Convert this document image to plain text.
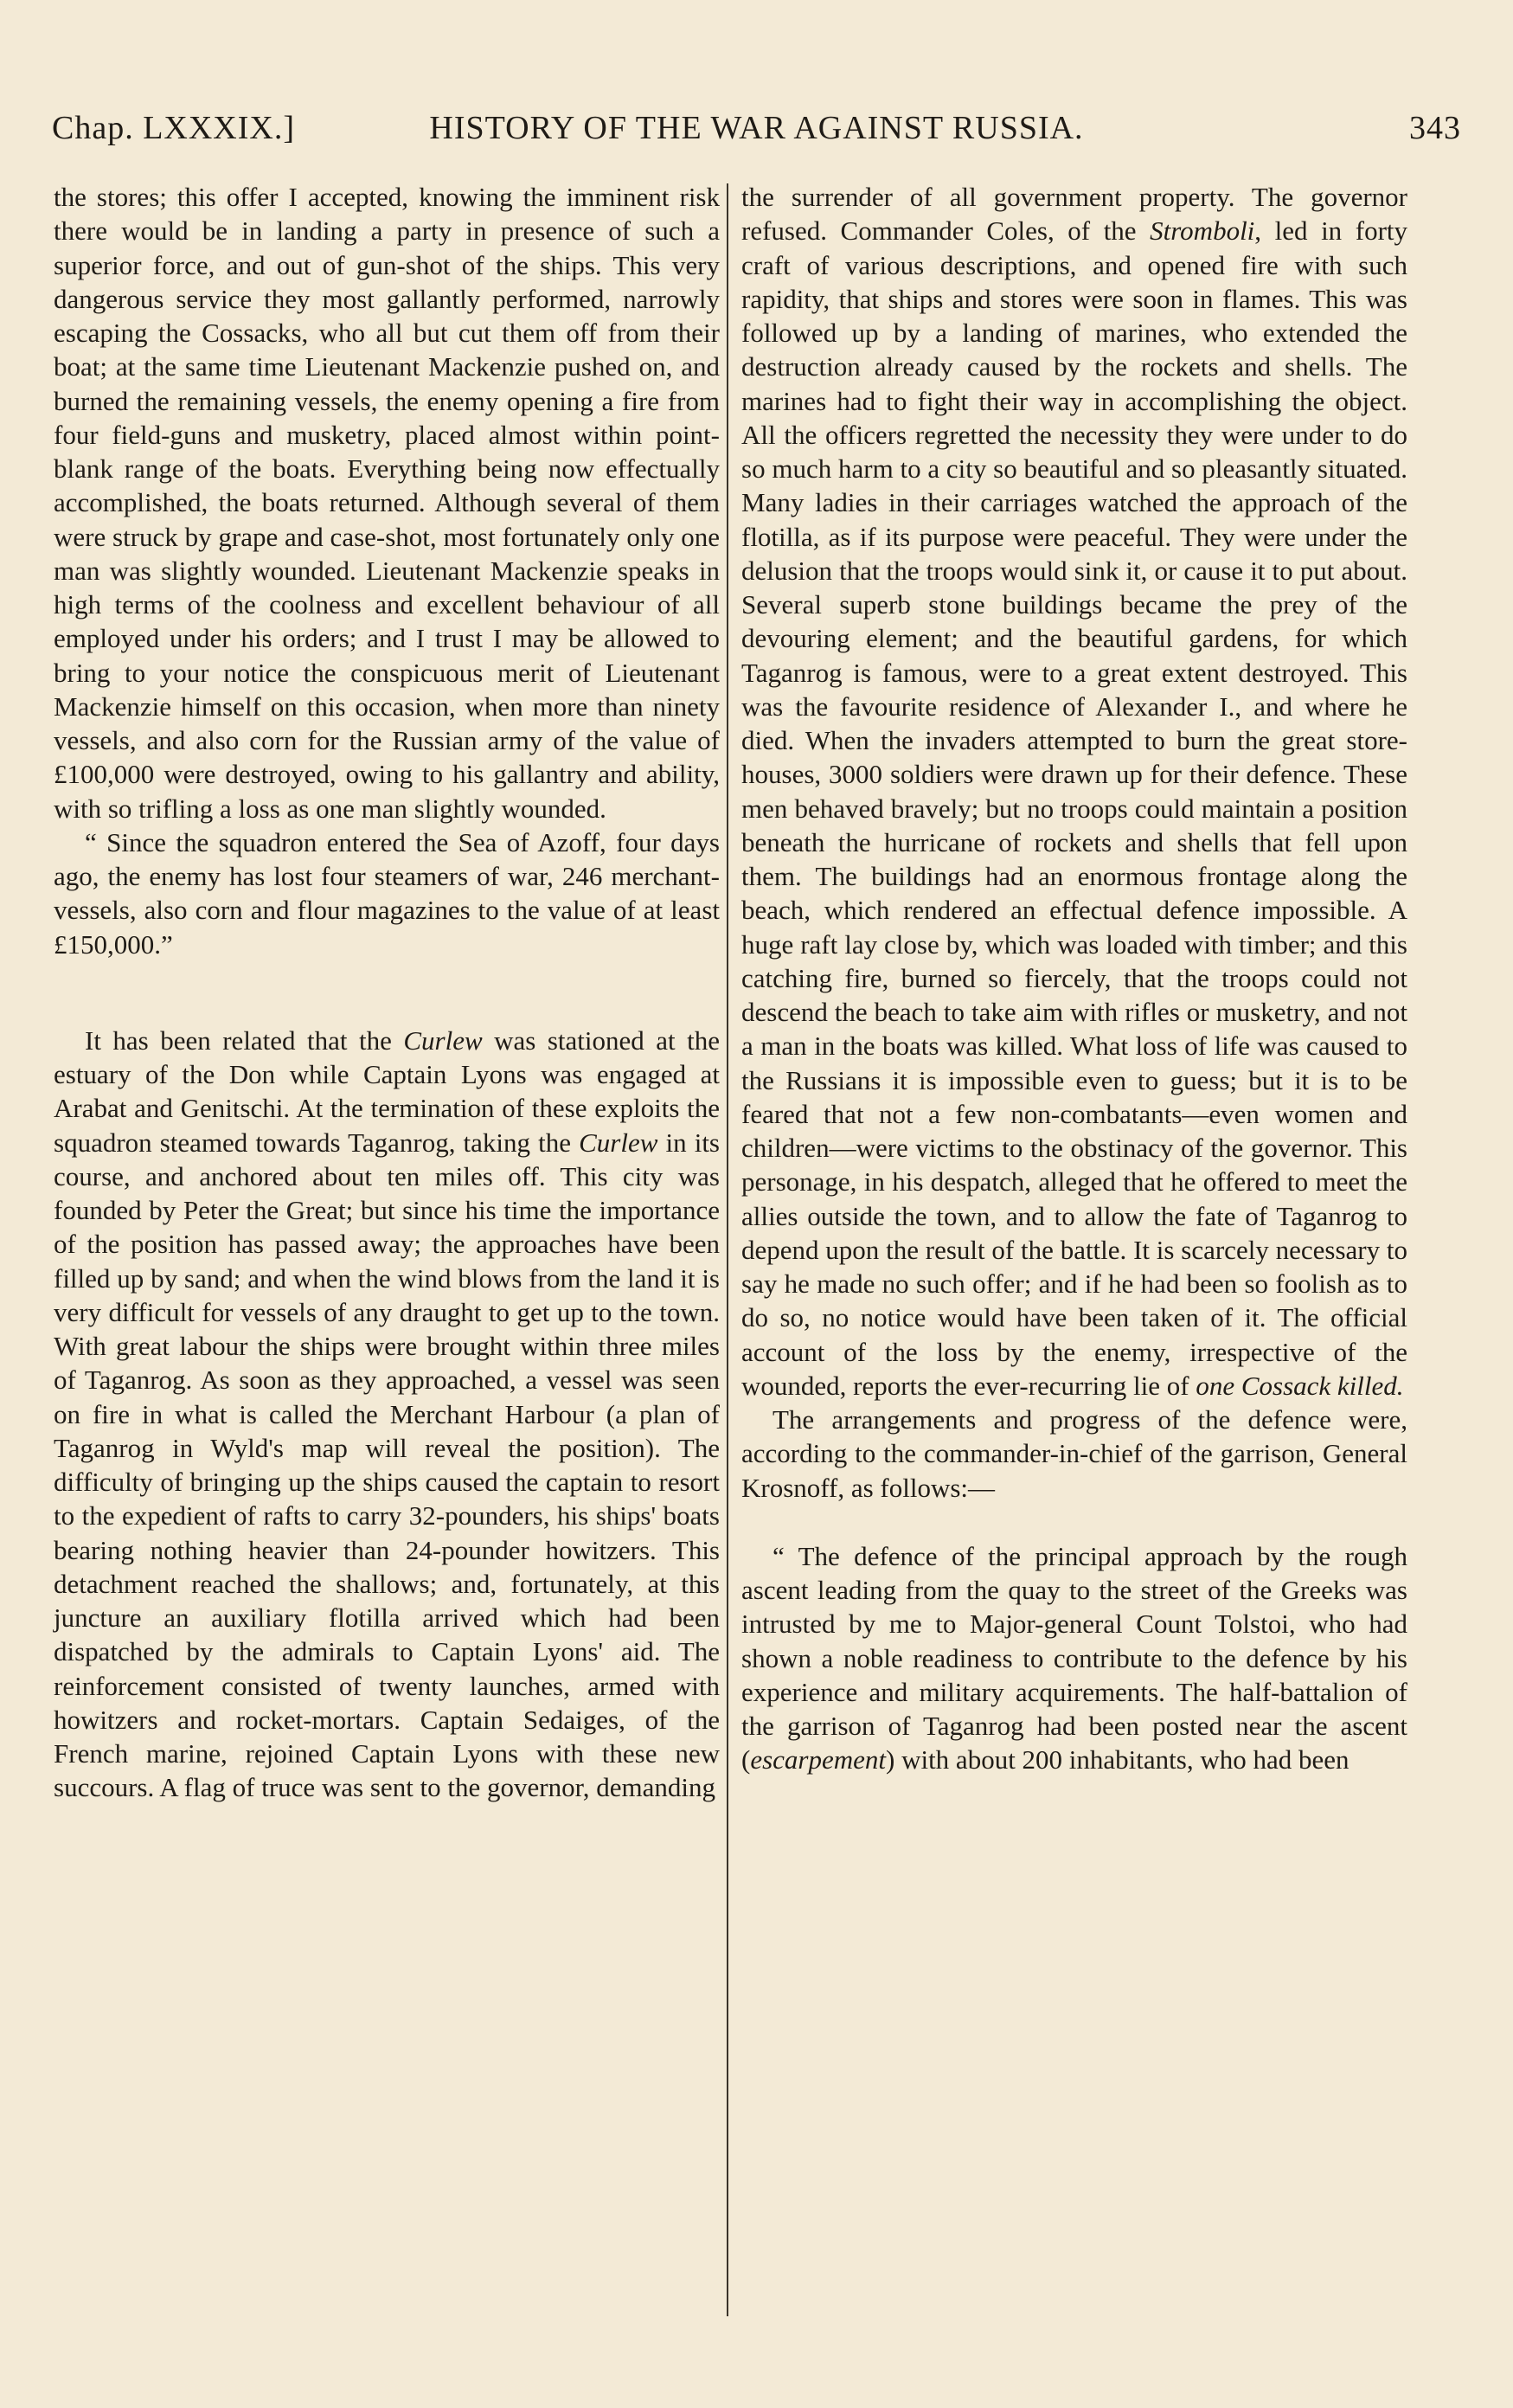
Chap. LXXXIX.]	HISTORY OF THE WAR AGAINST RUSSIA.	343

the stores; this offer I accepted, knowing the imminent risk there would be in landing a party in presence of such a superior force, and out of gun-shot of the ships. This very dangerous service they most gallantly performed, narrowly escaping the Cossacks, who all but cut them off from their boat; at the same time Lieutenant Mackenzie pushed on, and burned the remaining vessels, the enemy opening a fire from four field-guns and musketry, placed almost within point-blank range of the boats. Everything being now effectually accomplished, the boats returned. Although several of them were struck by grape and case-shot, most fortunately only one man was slightly wounded. Lieutenant Mackenzie speaks in high terms of the coolness and excellent behaviour of all employed under his orders; and I trust I may be allowed to bring to your notice the conspicuous merit of Lieutenant Mackenzie himself on this occasion, when more than ninety vessels, and also corn for the Russian army of the value of £100,000 were destroyed, owing to his gallantry and ability, with so trifling a loss as one man slightly wounded.

“ Since the squadron entered the Sea of Azoff, four days ago, the enemy has lost four steamers of war, 246 merchant-vessels, also corn and flour magazines to the value of at least £150,000.”

It has been related that the Curlew was stationed at the estuary of the Don while Captain Lyons was engaged at Arabat and Genitschi. At the termination of these exploits the squadron steamed towards Taganrog, taking the Curlew in its course, and anchored about ten miles off. This city was founded by Peter the Great; but since his time the importance of the position has passed away; the approaches have been filled up by sand; and when the wind blows from the land it is very difficult for vessels of any draught to get up to the town. With great labour the ships were brought within three miles of Taganrog. As soon as they approached, a vessel was seen on fire in what is called the Merchant Harbour (a plan of Taganrog in Wyld's map will reveal the position). The difficulty of bringing up the ships caused the captain to resort to the expedient of rafts to carry 32-pounders, his ships' boats bearing nothing heavier than 24-pounder howitzers. This detachment reached the shallows; and, fortunately, at this juncture an auxiliary flotilla arrived which had been dispatched by the admirals to Captain Lyons' aid. The reinforcement consisted of twenty launches, armed with howitzers and rocket-mortars. Captain Sedaiges, of the French marine, rejoined Captain Lyons with these new succours. A flag of truce was sent to the governor, demanding

the surrender of all government property. The governor refused. Commander Coles, of the Stromboli, led in forty craft of various descriptions, and opened fire with such rapidity, that ships and stores were soon in flames. This was followed up by a landing of marines, who extended the destruction already caused by the rockets and shells. The marines had to fight their way in accomplishing the object. All the officers regretted the necessity they were under to do so much harm to a city so beautiful and so pleasantly situated. Many ladies in their carriages watched the approach of the flotilla, as if its purpose were peaceful. They were under the delusion that the troops would sink it, or cause it to put about. Several superb stone buildings became the prey of the devouring element; and the beautiful gardens, for which Taganrog is famous, were to a great extent destroyed. This was the favourite residence of Alexander I., and where he died. When the invaders attempted to burn the great store-houses, 3000 soldiers were drawn up for their defence. These men behaved bravely; but no troops could maintain a position beneath the hurricane of rockets and shells that fell upon them. The buildings had an enormous frontage along the beach, which rendered an effectual defence impossible. A huge raft lay close by, which was loaded with timber; and this catching fire, burned so fiercely, that the troops could not descend the beach to take aim with rifles or musketry, and not a man in the boats was killed. What loss of life was caused to the Russians it is impossible even to guess; but it is to be feared that not a few non-combatants—even women and children—were victims to the obstinacy of the governor. This personage, in his despatch, alleged that he offered to meet the allies outside the town, and to allow the fate of Taganrog to depend upon the result of the battle. It is scarcely necessary to say he made no such offer; and if he had been so foolish as to do so, no notice would have been taken of it. The official account of the loss by the enemy, irrespective of the wounded, reports the ever-recurring lie of one Cossack killed.

The arrangements and progress of the defence were, according to the commander-in-chief of the garrison, General Krosnoff, as follows:—

“ The defence of the principal approach by the rough ascent leading from the quay to the street of the Greeks was intrusted by me to Major-general Count Tolstoi, who had shown a noble readiness to contribute to the defence by his experience and military acquirements. The half-battalion of the garrison of Taganrog had been posted near the ascent (escarpement) with about 200 inhabitants, who had been
